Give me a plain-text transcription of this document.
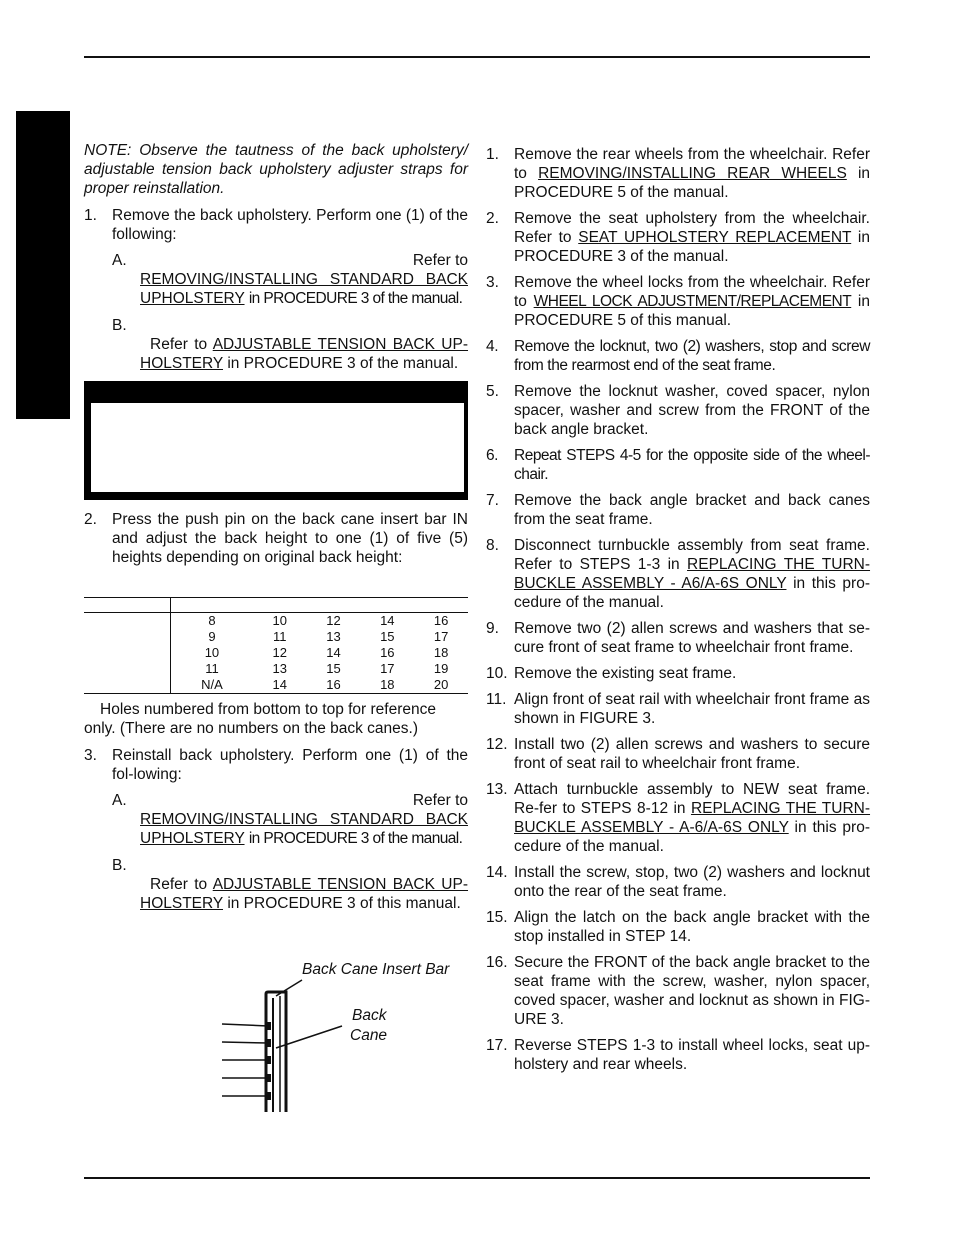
NOTE: Observe the tautness of the back upholstery/ adjustable tension back upholstery adjuster straps for proper reinstallation.

1. Remove the back upholstery. Perform one (1) of the following:
A.	Refer to
REMOVING/INSTALLING STANDARD BACK UPHOLSTERY in PROCEDURE 3 of the manual.
B.
Refer to ADJUSTABLE TENSION BACK UP-HOLSTERY in PROCEDURE 3 of the manual.
2. Press the push pin on the back cane insert bar IN and adjust the back height to one (1) of five (5) heights depending on original back height:

	8	10	12	14	16
	9	11	13	15	17
	10	12	14	16	18
	11	13	15	17	19
	N/A	14	16	18	20

Holes numbered from bottom to top for reference only. (There are no numbers on the back canes.)

3. Reinstall back upholstery. Perform one (1) of the fol-lowing:
A.	Refer to
REMOVING/INSTALLING STANDARD BACK UPHOLSTERY in PROCEDURE 3 of the manual.
B.
Refer to ADJUSTABLE TENSION BACK UP-HOLSTERY in PROCEDURE 3 of this manual.
Back Cane Insert Bar
Back
Cane
1. Remove the rear wheels from the wheelchair. Refer to REMOVING/INSTALLING REAR WHEELS in PROCEDURE 5 of the manual.
2. Remove the seat upholstery from the wheelchair. Refer to SEAT UPHOLSTERY REPLACEMENT in PROCEDURE 3 of the manual.
3. Remove the wheel locks from the wheelchair. Refer to WHEEL LOCK ADJUSTMENT/REPLACEMENT in PROCEDURE 5 of this manual.
4. Remove the locknut, two (2) washers, stop and screw from the rearmost end of the seat frame.
5. Remove the locknut washer, coved spacer, nylon spacer, washer and screw from the FRONT of the back angle bracket.
6. Repeat STEPS 4-5 for the opposite side of the wheel-chair.
7. Remove the back angle bracket and back canes from the seat frame.
8. Disconnect turnbuckle assembly from seat frame. Refer to STEPS 1-3 in REPLACING THE TURN-BUCKLE ASSEMBLY - A6/A-6S ONLY in this pro-cedure of the manual.
9. Remove two (2) allen screws and washers that se-cure front of seat frame to wheelchair front frame.
10. Remove the existing seat frame.
11. Align front of seat rail with wheelchair front frame as shown in FIGURE 3.
12. Install two (2) allen screws and washers to secure front of seat rail to wheelchair front frame.
13. Attach turnbuckle assembly to NEW seat frame. Re-fer to STEPS 8-12 in REPLACING THE TURN-BUCKLE ASSEMBLY - A-6/A-6S ONLY in this pro-cedure of the manual.
14. Install the screw, stop, two (2) washers and locknut onto the rear of the seat frame.
15. Align the latch on the back angle bracket with the stop installed in STEP 14.
16. Secure the FRONT of the back angle bracket to the seat frame with the screw, washer, nylon spacer, coved spacer, washer and locknut as shown in FIG-URE 3.
17. Reverse STEPS 1-3 to install wheel locks, seat up-holstery and rear wheels.
